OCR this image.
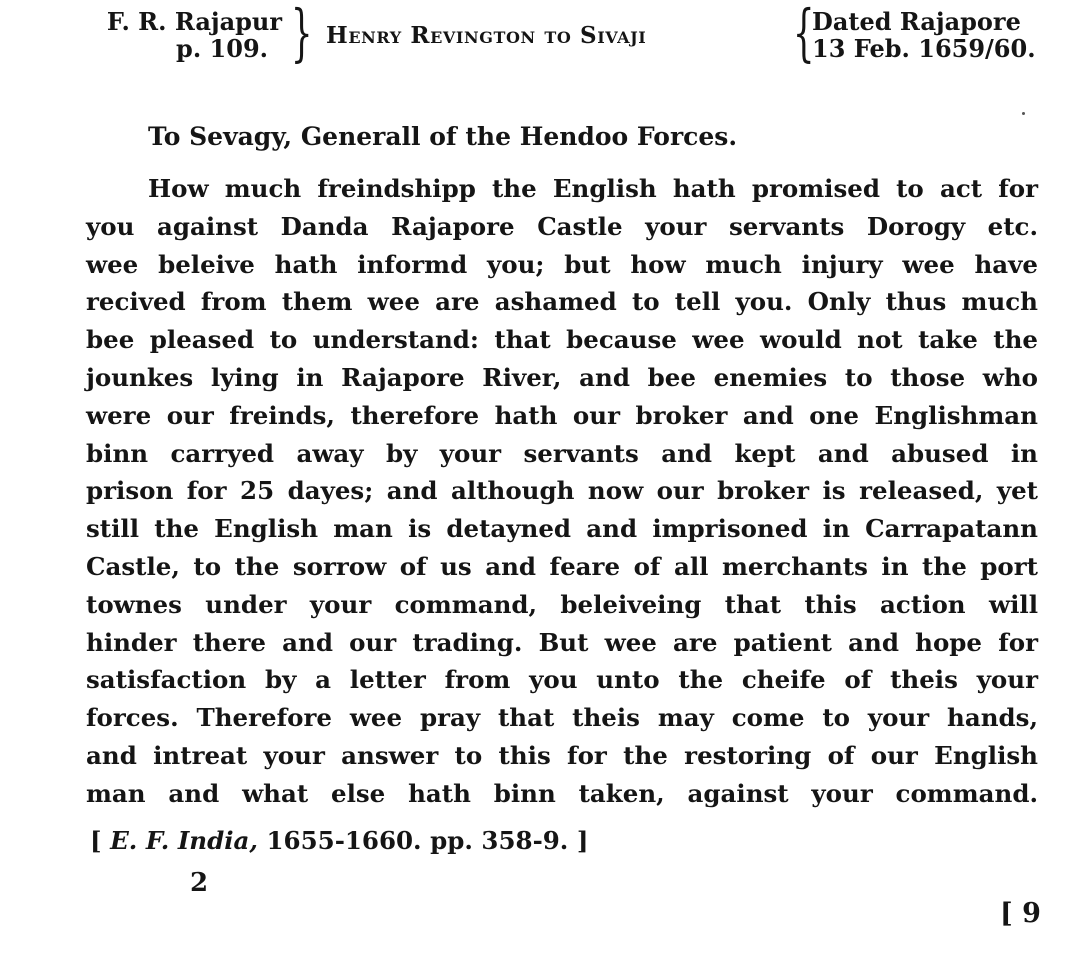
F. R. Rajapur
p. 109. } Henry Revington to Sivaji {
Dated Rajapore
13 Feb. 1659/60.
To Sevagy, Generall of the Hendoo Forces.
How much freindshipp the English hath promised to act for
you against Danda Rajapore Castle your servants Dorogy etc.
wee beleive hath informd you; but how much injury wee have
recived from them wee are ashamed to tell you. Only thus much
bee pleased to understand: that because wee would not take the
jounkes lying in Rajapore River, and bee enemies to those who
were our freinds, therefore hath our broker and one Englishman
binn carryed away by your servants and kept and abused in
prison for 25 dayes; and although now our broker is released, yet
still the English man is detayned and imprisoned in Carrapatann
Castle, to the sorrow of us and feare of all merchants in the port
townes under your command, beleiveing that this action will
hinder there and our trading. But wee are patient and hope for
satisfaction by a letter from you unto the cheife of theis your
forces. Therefore wee pray that theis may come to your hands,
and intreat your answer to this for the restoring of our English
man and what else hath binn taken, against your command.
[ E. F. India, 1655-1660. pp. 358-9. ]
2
[ 9
